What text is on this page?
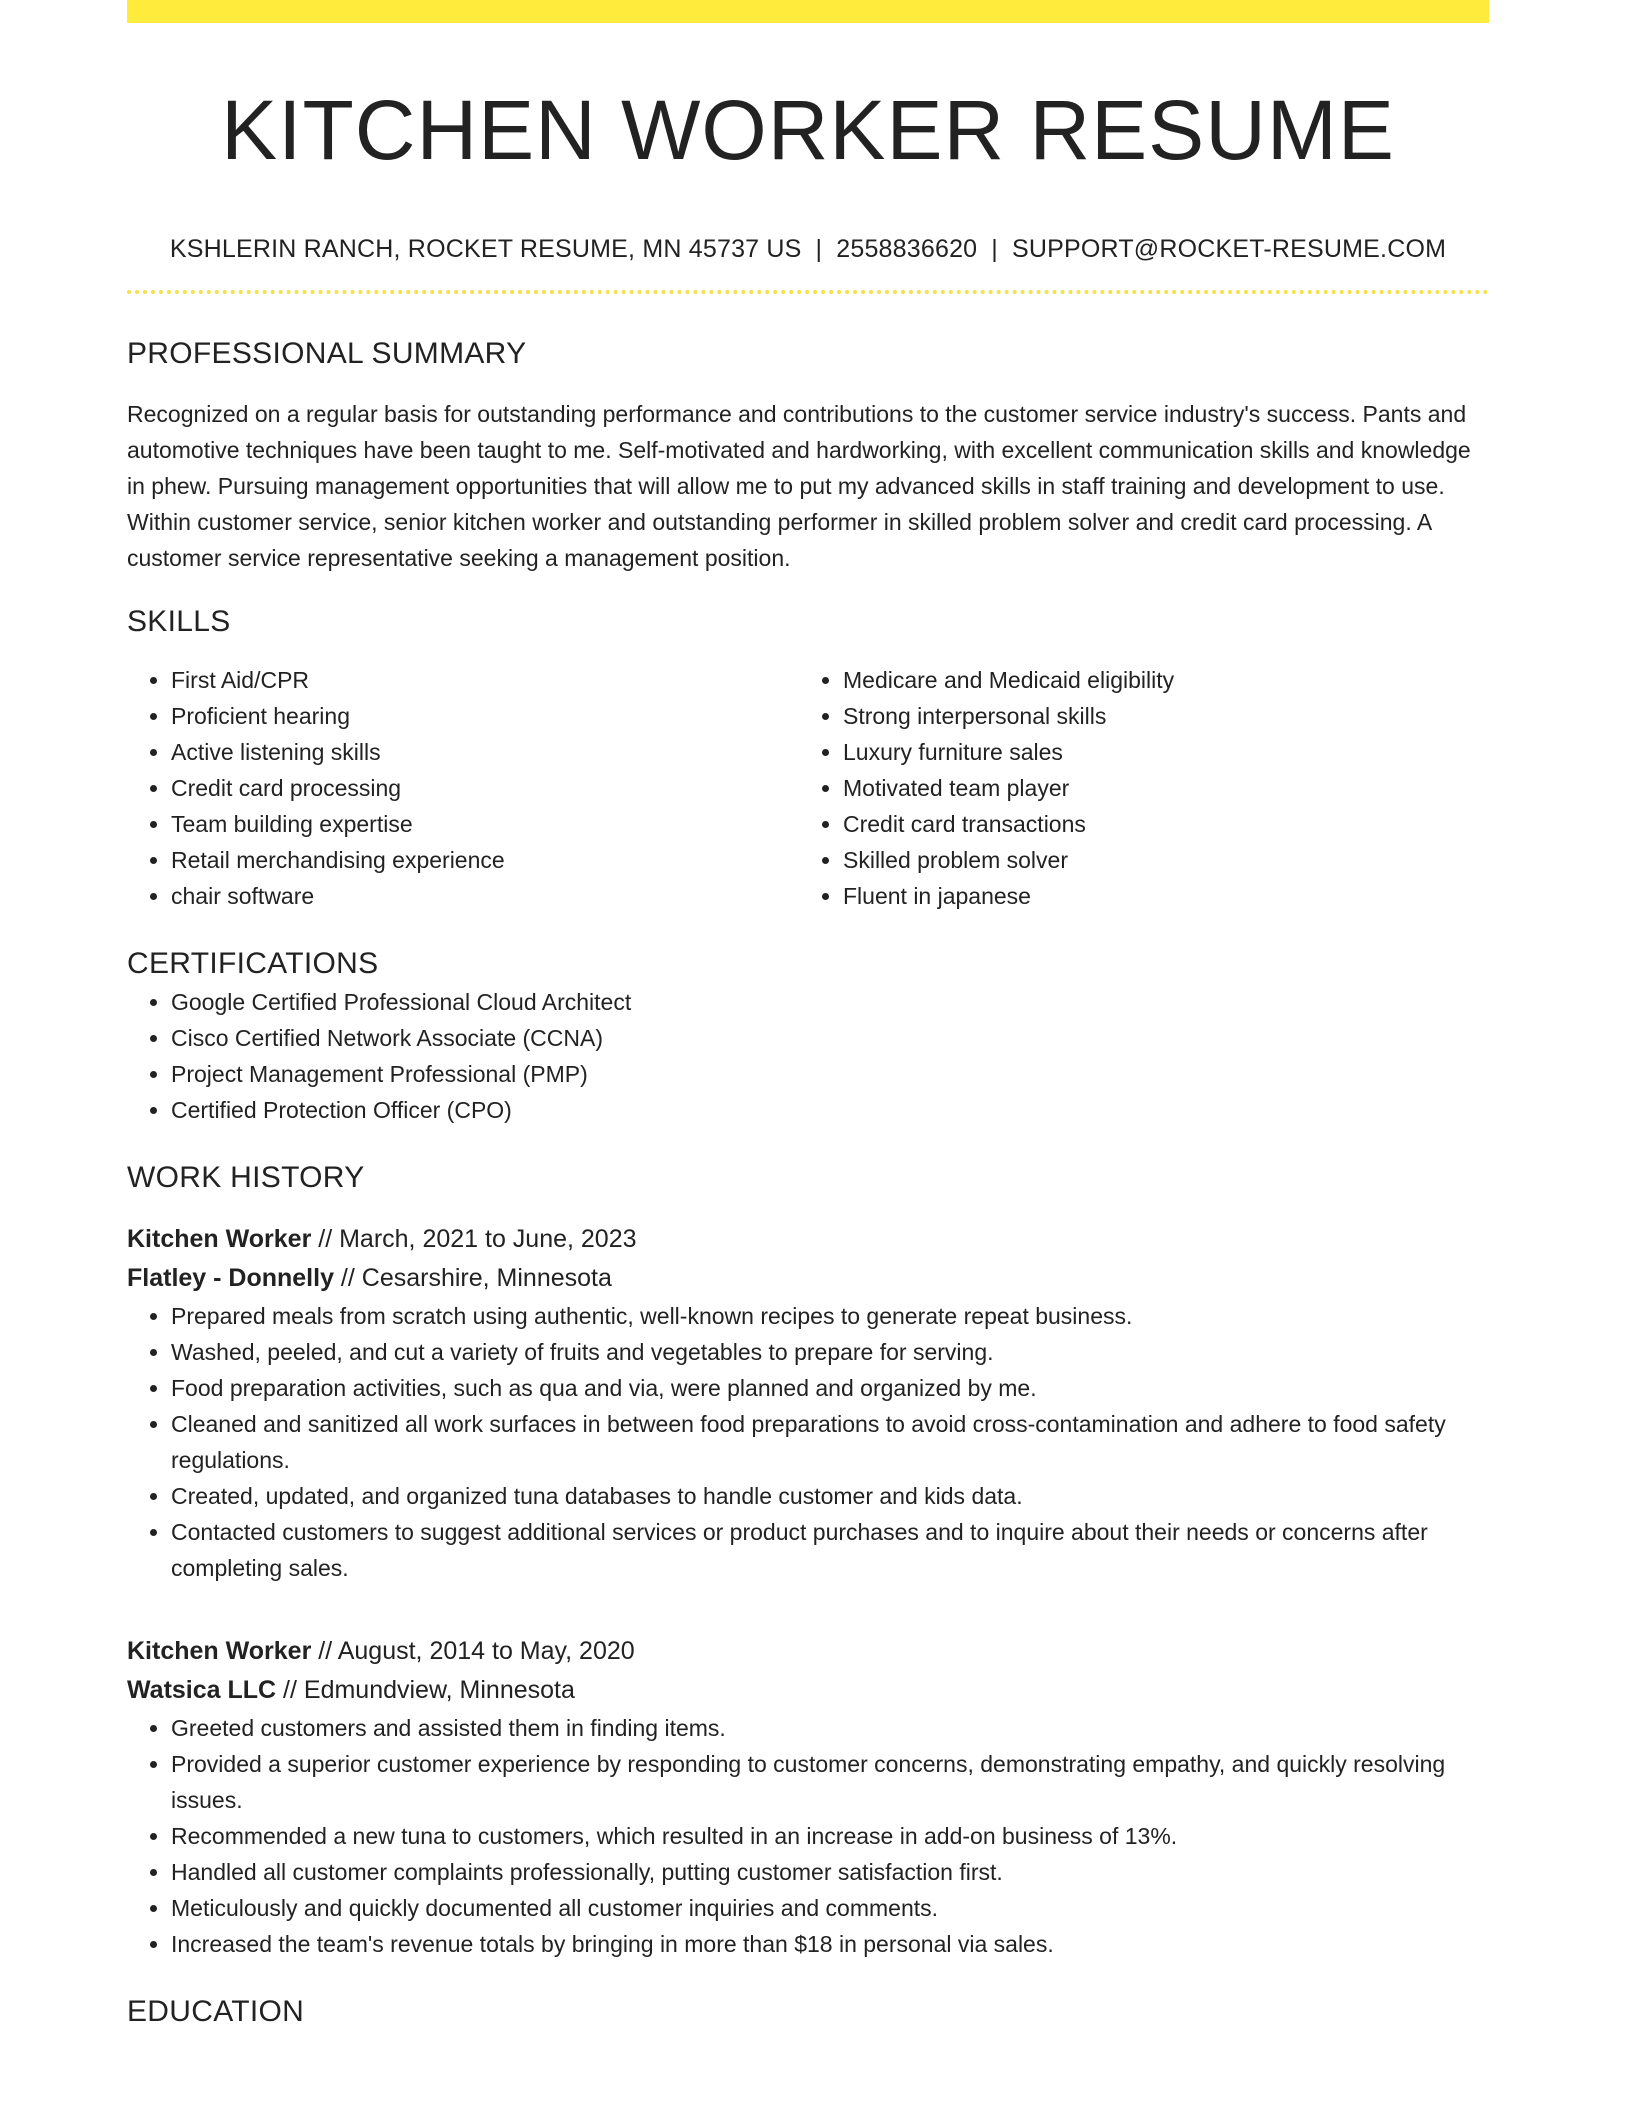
KITCHEN WORKER RESUME
KSHLERIN RANCH, ROCKET RESUME, MN 45737 US | 2558836620 | SUPPORT@ROCKET-RESUME.COM
PROFESSIONAL SUMMARY

Recognized on a regular basis for outstanding performance and contributions to the customer service industry's success. Pants and automotive techniques have been taught to me. Self-motivated and hardworking, with excellent communication skills and knowledge in phew. Pursuing management opportunities that will allow me to put my advanced skills in staff training and development to use. Within customer service, senior kitchen worker and outstanding performer in skilled problem solver and credit card processing. A customer service representative seeking a management position.

SKILLS
• First Aid/CPR
• Proficient hearing
• Active listening skills
• Credit card processing
• Team building expertise
• Retail merchandising experience
• chair software
• Medicare and Medicaid eligibility
• Strong interpersonal skills
• Luxury furniture sales
• Motivated team player
• Credit card transactions
• Skilled problem solver
• Fluent in japanese
CERTIFICATIONS
• Google Certified Professional Cloud Architect
• Cisco Certified Network Associate (CCNA)
• Project Management Professional (PMP)
• Certified Protection Officer (CPO)
WORK HISTORY
Kitchen Worker // March, 2021 to June, 2023
Flatley - Donnelly // Cesarshire, Minnesota
• Prepared meals from scratch using authentic, well-known recipes to generate repeat business.
• Washed, peeled, and cut a variety of fruits and vegetables to prepare for serving.
• Food preparation activities, such as qua and via, were planned and organized by me.
• Cleaned and sanitized all work surfaces in between food preparations to avoid cross-contamination and adhere to food safety regulations.
• Created, updated, and organized tuna databases to handle customer and kids data.
• Contacted customers to suggest additional services or product purchases and to inquire about their needs or concerns after completing sales.
Kitchen Worker // August, 2014 to May, 2020
Watsica LLC // Edmundview, Minnesota
• Greeted customers and assisted them in finding items.
• Provided a superior customer experience by responding to customer concerns, demonstrating empathy, and quickly resolving issues.
• Recommended a new tuna to customers, which resulted in an increase in add-on business of 13%.
• Handled all customer complaints professionally, putting customer satisfaction first.
• Meticulously and quickly documented all customer inquiries and comments.
• Increased the team's revenue totals by bringing in more than $18 in personal via sales.
EDUCATION
